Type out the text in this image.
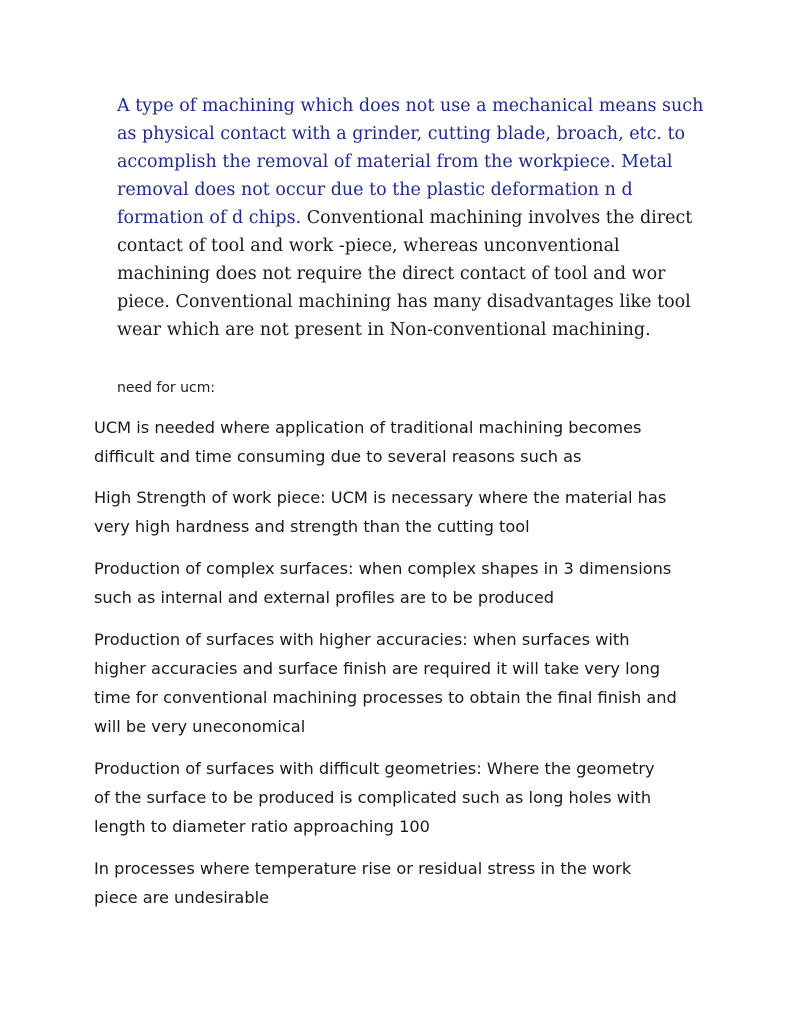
A type of machining which does not use a mechanical means such
as physical contact with a grinder, cutting blade, broach, etc. to
accomplish the removal of material from the workpiece. Metal
removal does not occur due to the plastic deformation n d
formation of d chips. Conventional machining involves the direct
contact of tool and work -piece, whereas unconventional
machining does not require the direct contact of tool and wor
piece. Conventional machining has many disadvantages like tool
wear which are not present in Non-conventional machining.
need for ucm:
UCM is needed where application of traditional machining becomes
difficult and time consuming due to several reasons such as
High Strength of work piece: UCM is necessary where the material has
very high hardness and strength than the cutting tool
Production of complex surfaces: when complex shapes in 3 dimensions
such as internal and external profiles are to be produced
Production of surfaces with higher accuracies: when surfaces with
higher accuracies and surface finish are required it will take very long
time for conventional machining processes to obtain the final finish and
will be very uneconomical
Production of surfaces with difficult geometries: Where the geometry
of the surface to be produced is complicated such as long holes with
length to diameter ratio approaching 100
In processes where temperature rise or residual stress in the work
piece are undesirable
